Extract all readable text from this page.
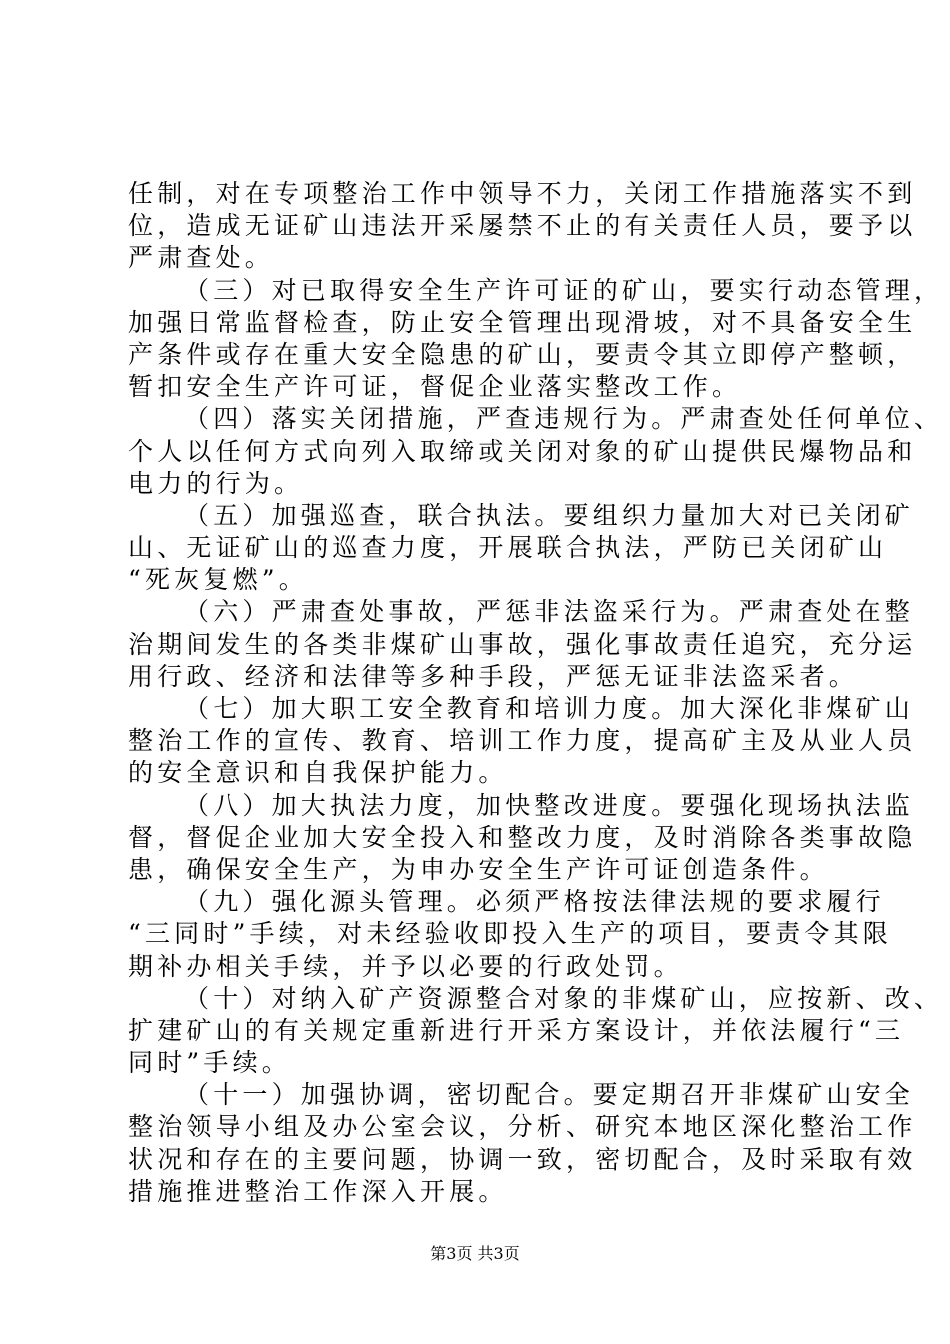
任制，对在专项整治工作中领导不力，关闭工作措施落实不到
位，造成无证矿山违法开采屡禁不止的有关责任人员，要予以
严肃查处。
（三）对已取得安全生产许可证的矿山，要实行动态管理，
加强日常监督检查，防止安全管理出现滑坡，对不具备安全生
产条件或存在重大安全隐患的矿山，要责令其立即停产整顿，
暂扣安全生产许可证，督促企业落实整改工作。
（四）落实关闭措施，严查违规行为。严肃查处任何单位、
个人以任何方式向列入取缔或关闭对象的矿山提供民爆物品和
电力的行为。
（五）加强巡查，联合执法。要组织力量加大对已关闭矿
山、无证矿山的巡查力度，开展联合执法，严防已关闭矿山
“死灰复燃”。
（六）严肃查处事故，严惩非法盗采行为。严肃查处在整
治期间发生的各类非煤矿山事故，强化事故责任追究，充分运
用行政、经济和法律等多种手段，严惩无证非法盗采者。
（七）加大职工安全教育和培训力度。加大深化非煤矿山
整治工作的宣传、教育、培训工作力度，提高矿主及从业人员
的安全意识和自我保护能力。
（八）加大执法力度，加快整改进度。要强化现场执法监
督，督促企业加大安全投入和整改力度，及时消除各类事故隐
患，确保安全生产，为申办安全生产许可证创造条件。
（九）强化源头管理。必须严格按法律法规的要求履行
“三同时”手续，对未经验收即投入生产的项目，要责令其限
期补办相关手续，并予以必要的行政处罚。
（十）对纳入矿产资源整合对象的非煤矿山，应按新、改、
扩建矿山的有关规定重新进行开采方案设计，并依法履行“三
同时”手续。
（十一）加强协调，密切配合。要定期召开非煤矿山安全
整治领导小组及办公室会议，分析、研究本地区深化整治工作
状况和存在的主要问题，协调一致，密切配合，及时采取有效
措施推进整治工作深入开展。
第3页 共3页
